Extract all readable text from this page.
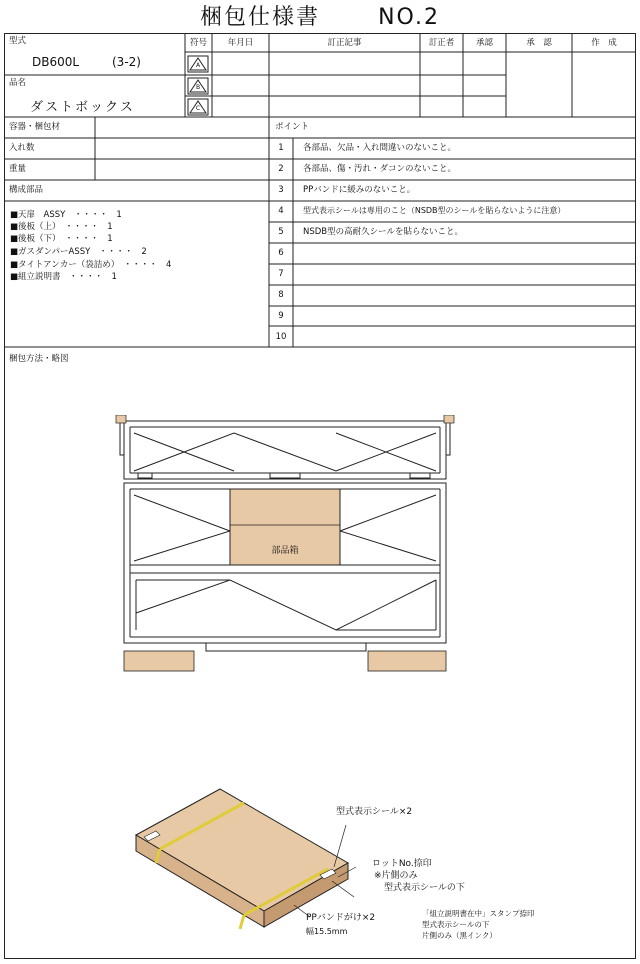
梱包仕様書	NO.2
型式
DB600L	(3-2)
品名
ダストボックス
符号	年月日	訂正記事	訂正者	承認	承　認	作　成
A
B
C
容器・梱包材
入れ数
重量
構成部品
■天扉　ASSY　・・・・　1
■後板（上）　・・・・　1
■後板（下）　・・・・　1
■ガスダンパーASSY　・・・・　2
■タイトアンカー（袋詰め）　・・・・　4
■組立説明書　・・・・　1
ポイント
1	各部品、欠品・入れ間違いのないこと。
2	各部品、傷・汚れ・ダコンのないこと。
3	PPバンドに緩みのないこと。
4	型式表示シールは専用のこと（NSDB型のシールを貼らないように注意）
5	NSDB型の高耐久シールを貼らないこと。
6
7
8
9
10
梱包方法・略図
部品箱
型式表示シール×2
ロットNo.捺印
※片側のみ
型式表示シールの下
PPバンドがけ×2
幅15.5mm
「組立説明書在中」スタンプ捺印
型式表示シールの下
片側のみ（黒インク）
